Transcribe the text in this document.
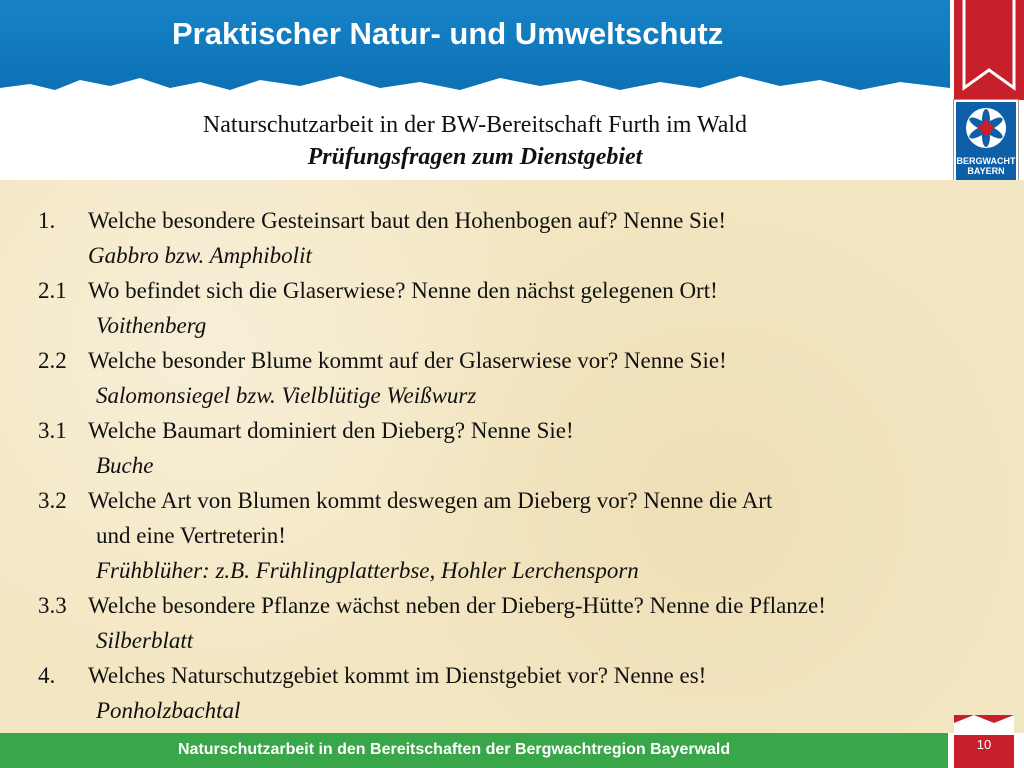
Praktischer Natur- und Umweltschutz
BERGWACHT
BAYERN
Naturschutzarbeit in der BW-Bereitschaft Furth im Wald
Prüfungsfragen zum Dienstgebiet
1. Welche besondere Gesteinsart baut den Hohenbogen auf? Nenne Sie!
Gabbro bzw. Amphibolit
2.1 Wo befindet sich die Glaserwiese? Nenne den nächst gelegenen Ort!
Voithenberg
2.2 Welche besonder Blume kommt auf der Glaserwiese vor? Nenne Sie!
Salomonsiegel bzw. Vielblütige Weißwurz
3.1 Welche Baumart dominiert den Dieberg? Nenne Sie!
Buche
3.2 Welche Art von Blumen kommt deswegen am Dieberg vor? Nenne die Art
und eine Vertreterin!
Frühblüher: z.B. Frühlingplatterbse, Hohler Lerchensporn
3.3 Welche besondere Pflanze wächst neben der Dieberg-Hütte? Nenne die Pflanze!
Silberblatt
4. Welches Naturschutzgebiet kommt im Dienstgebiet vor? Nenne es!
Ponholzbachtal
Naturschutzarbeit in den Bereitschaften der Bergwachtregion Bayerwald	10
